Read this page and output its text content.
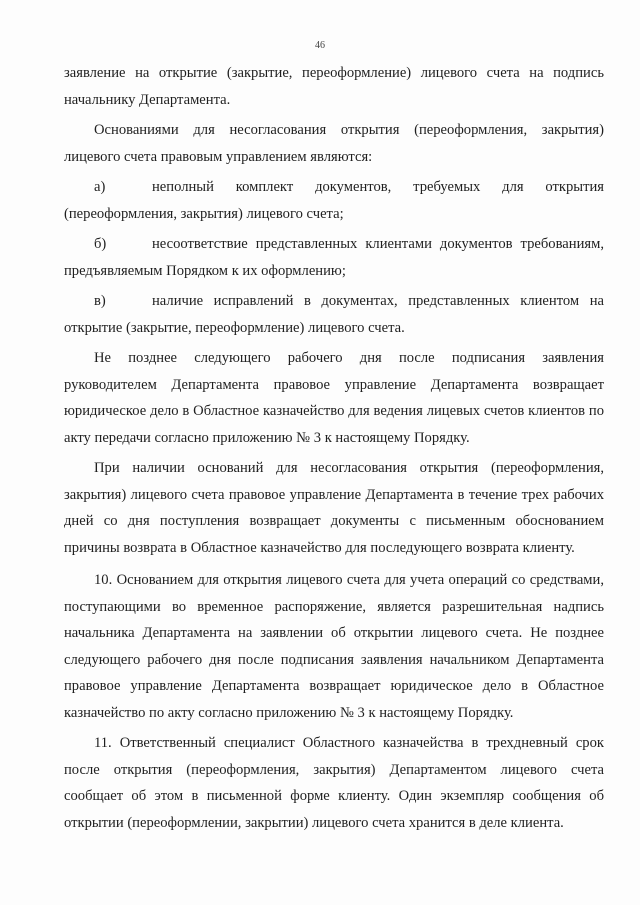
46

заявление на открытие (закрытие, переоформление) лицевого счета на подпись начальнику Департамента.

Основаниями для несогласования открытия (переоформления, закрытия) лицевого счета правовым управлением являются:

а)	неполный комплект документов, требуемых для открытия

(переоформления, закрытия) лицевого счета;

б)	несоответствие представленных клиентами документов требованиям,

предъявляемым Порядком к их оформлению;

в)	наличие исправлений в документах, представленных клиентом на

открытие (закрытие, переоформление) лицевого счета.

Не позднее следующего рабочего дня после подписания заявления руководителем Департамента правовое управление Департамента возвращает юридическое дело в Областное казначейство для ведения лицевых счетов клиентов по акту передачи согласно приложению № 3 к настоящему Порядку.

При наличии оснований для несогласования открытия (переоформления, закрытия) лицевого счета правовое управление Департамента в течение трех рабочих дней со дня поступления возвращает документы с письменным обоснованием причины возврата в Областное казначейство для последующего возврата клиенту.

10. Основанием для открытия лицевого счета для учета операций со средствами, поступающими во временное распоряжение, является разрешительная надпись начальника Департамента на заявлении об открытии лицевого счета. Не позднее следующего рабочего дня после подписания заявления начальником Департамента правовое управление Департамента возвращает юридическое дело в Областное казначейство по акту согласно приложению № 3 к настоящему Порядку.

11. Ответственный специалист Областного казначейства в трехдневный срок после открытия (переоформления, закрытия) Департаментом лицевого счета сообщает об этом в письменной форме клиенту. Один экземпляр сообщения об открытии (переоформлении, закрытии) лицевого счета хранится в деле клиента.
